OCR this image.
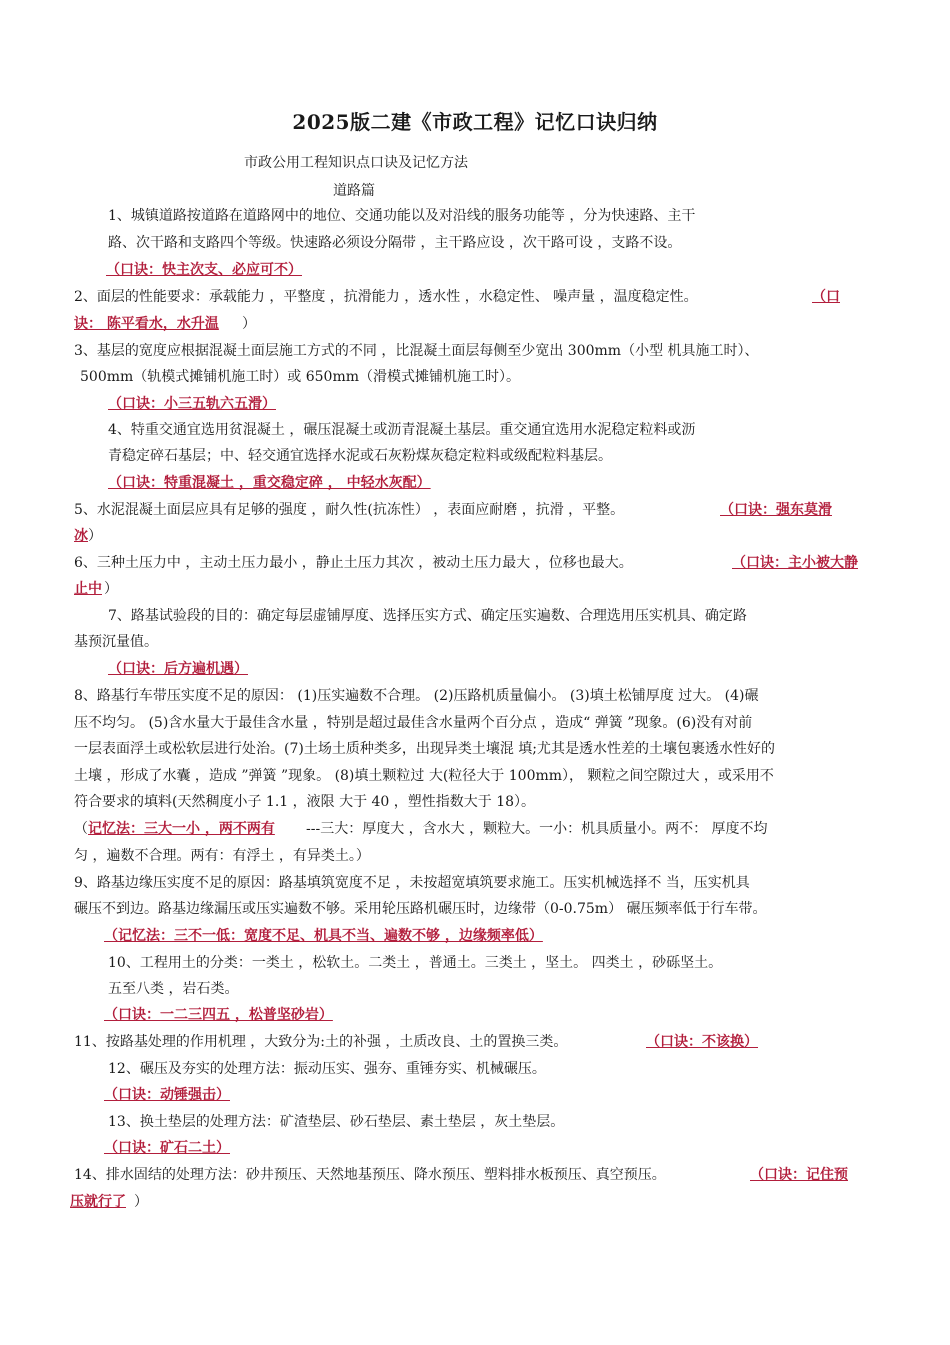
2025版二建《市政工程》记忆口诀归纳
市政公用工程知识点口诀及记忆方法
道路篇
1、城镇道路按道路在道路网中的地位、交通功能以及对沿线的服务功能等 ，分为快速路、主干
路、次干路和支路四个等级。快速路必须设分隔带 ，主干路应设 ，次干路可设 ，支路不设。
（口诀：快主次支、必应可不）
2、面层的性能要求：承载能力 ，平整度 ，抗滑能力 ，透水性 ，水稳定性、 噪声量 ，温度稳定性。	（口
诀： 陈平看水，水升温 ）
3、基层的宽度应根据混凝土面层施工方式的不同 ，比混凝土面层每侧至少宽出 300mm（小型 机具施工时）、
500mm（轨模式摊铺机施工时）或 650mm（滑模式摊铺机施工时）。
（口诀：小三五轨六五滑）
4、特重交通宜选用贫混凝土 ，碾压混凝土或沥青混凝土基层。重交通宜选用水泥稳定粒料或沥
青稳定碎石基层；中、轻交通宜选择水泥或石灰粉煤灰稳定粒料或级配粒料基层。
（口诀：特重混凝土 ，重交稳定碎 ， 中轻水灰配）
5、水泥混凝土面层应具有足够的强度 ，耐久性(抗冻性） ，表面应耐磨 ，抗滑 ，平整。	（口诀：强东莫滑
冰 ）
6、三种土压力中 ，主动土压力最小 ，静止土压力其次 ，被动土压力最大 ，位移也最大。	（口诀：主小被大静
止中 ）
7、路基试验段的目的：确定每层虚铺厚度、选择压实方式、确定压实遍数、合理选用压实机具、确定路
基预沉量值。
（口诀：后方遍机遇）
8、路基行车带压实度不足的原因： (1)压实遍数不合理。 (2)压路机质量偏小。 (3)填土松铺厚度 过大。 (4)碾
压不均匀。 (5)含水量大于最佳含水量 ，特别是超过最佳含水量两个百分点 ，造成“ 弹簧 ”现象。(6)没有对前
一层表面浮土或松软层进行处治。(7)土场土质种类多，出现异类土壤混 填;尤其是透水性差的土壤包裹透水性好的
土壤 ，形成了水囊 ，造成 ”弹簧 ”现象。 (8)填土颗粒过 大(粒径大于 100mm）， 颗粒之间空隙过大 ，或采用不
符合要求的填料(天然稠度小子 1.1 ，液限 大于 40 ，塑性指数大于 18）。
（ 记忆法：三大一小 ，两不两有 ---三大：厚度大 ，含水大 ，颗粒大。一小：机具质量小。两不： 厚度不均
匀 ，遍数不合理。两有：有浮土 ，有异类土。）
9、路基边缘压实度不足的原因：路基填筑宽度不足 ，未按超宽填筑要求施工。压实机械选择不 当，压实机具
碾压不到边。路基边缘漏压或压实遍数不够。采用轮压路机碾压时，边缘带（0-0.75m） 碾压频率低于行车带。
（记忆法：三不一低：宽度不足、机具不当、遍数不够 ，边缘频率低）
10、工程用土的分类：一类土 ，松软土。二类土 ，普通土。三类土 ，坚土。 四类土 ，砂砾坚土。
五至八类 ，岩石类。
（口诀：一二三四五 ，松普坚砂岩）
11、按路基处理的作用机理 ，大致分为:土的补强 ，土质改良、土的置换三类。	（口诀：不该换）
12、碾压及夯实的处理方法：振动压实、强夯、重锤夯实、机械碾压。
（口诀：动锤强击）
13、换土垫层的处理方法：矿渣垫层、砂石垫层、素土垫层 ，灰土垫层。
（口诀：矿石二土）
14、排水固结的处理方法：砂井预压、天然地基预压、降水预压、塑料排水板预压、真空预压。	（口诀：记住预
压就行了 ）
